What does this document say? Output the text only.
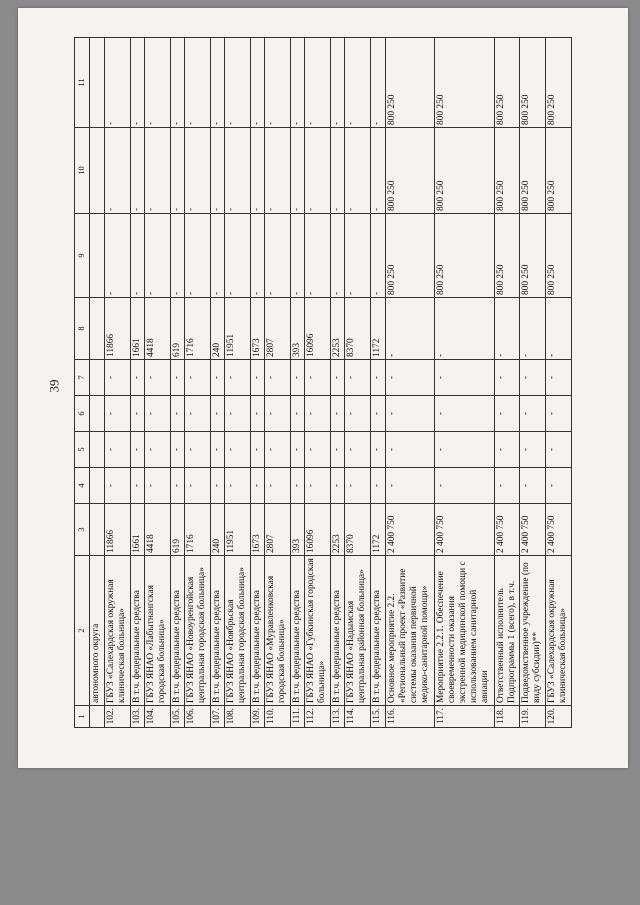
39
1	2	3	4	5	6	7	8	9	10	11
	автономного округа									
102.	ГБУЗ «Салехардская окружная клиническая больница»	11866	-	-	-	-	11866	-	-	-
103.	В т.ч. федеральные средства	1661	-	-	-	-	1661	-	-	-
104.	ГБУЗ ЯНАО «Лабытнангская городская больница»	4418	-	-	-	-	4418	-	-	-
105.	В т.ч. федеральные средства	619	-	-	-	-	619	-	-	-
106.	ГБУЗ ЯНАО «Новоуренгойская центральная городская больница»	1716	-	-	-	-	1716	-	-	-
107.	В т.ч. федеральные средства	240	-	-	-	-	240	-	-	-
108.	ГБУЗ ЯНАО «Ноябрьская центральная городская больница»	11951	-	-	-	-	11951	-	-	-
109.	В т.ч. федеральные средства	1673	-	-	-	-	1673	-	-	-
110.	ГБУЗ ЯНАО «Муравленковская городская больница»	2807	-	-	-	-	2807	-	-	-
111.	В т.ч. федеральные средства	393	-	-	-	-	393	-	-	-
112.	ГБУЗ ЯНАО «Губкинская городская больница»	16096	-	-	-	-	16096	-	-	-
113.	В т.ч. федеральные средства	2253	-	-	-	-	2253	-	-	-
114.	ГБУЗ ЯНАО «Надымская центральная районная больница»	8370	-	-	-	-	8370	-	-	-
115.	В т.ч. федеральные средства	1172	-	-	-	-	1172	-	-	-
116.	Основное мероприятие 2.2. «Региональный проект «Развитие системы оказания первичной медико-санитарной помощи»	2 400 750	-	-	-	-	-	800 250	800 250	800 250
117.	Мероприятие 2.2.1. Обеспечение своевременности оказания экстренной медицинской помощи с использованием санитарной авиации	2 400 750	-	-	-	-	-	800 250	800 250	800 250
118.	Ответственный исполнитель Подпрограммы 1 (всего), в т.ч.	2 400 750	-	-	-	-	-	800 250	800 250	800 250
119.	Подведомственное учреждение (по виду субсидии)**	2 400 750	-	-	-	-	-	800 250	800 250	800 250
120.	ГБУЗ «Салехардская окружная клиническая больница»	2 400 750	-	-	-	-	-	800 250	800 250	800 250
